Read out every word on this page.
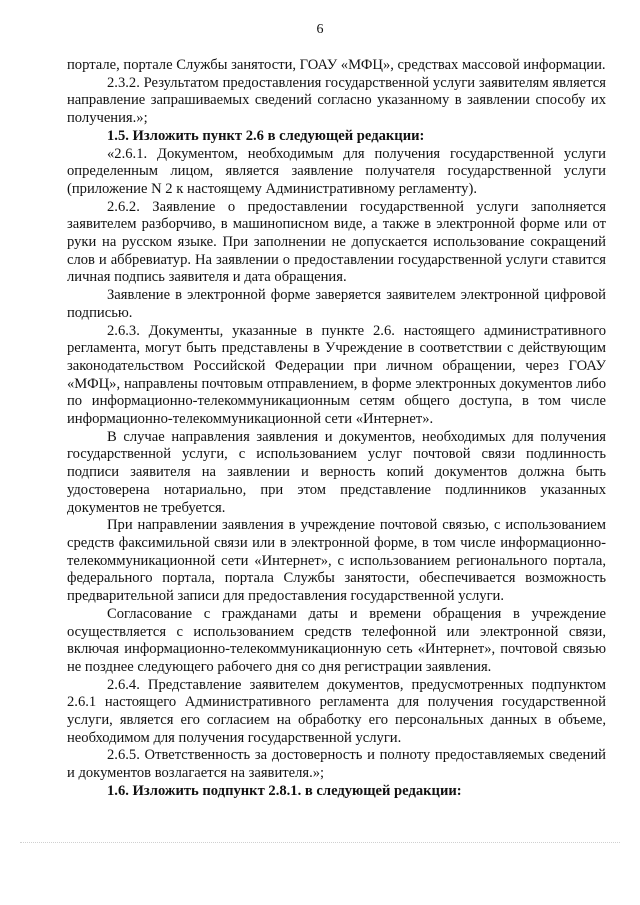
6

портале, портале Службы занятости, ГОАУ «МФЦ», средствах массовой информации.

2.3.2. Результатом предоставления государственной услуги заявителям является направление запрашиваемых сведений согласно указанному в заявлении способу их получения.»;

1.5. Изложить пункт 2.6 в следующей редакции:

«2.6.1. Документом, необходимым для получения государственной услуги определенным лицом, является заявление получателя государственной услуги (приложение N 2 к настоящему Административному регламенту).

2.6.2. Заявление о предоставлении государственной услуги заполняется заявителем разборчиво, в машинописном виде, а также в электронной форме или от руки на русском языке. При заполнении не допускается использование сокращений слов и аббревиатур. На заявлении о предоставлении государственной услуги ставится личная подпись заявителя и дата обращения.

Заявление в электронной форме заверяется заявителем электронной цифровой подписью.

2.6.3. Документы, указанные в пункте 2.6. настоящего административного регламента, могут быть представлены в Учреждение в соответствии с действующим законодательством Российской Федерации при личном обращении, через ГОАУ «МФЦ», направлены почтовым отправлением, в форме электронных документов либо по информационно-телекоммуникационным сетям общего доступа, в том числе информационно-телекоммуникационной сети «Интернет».

В случае направления заявления и документов, необходимых для получения государственной услуги, с использованием услуг почтовой связи подлинность подписи заявителя на заявлении и верность копий документов должна быть удостоверена нотариально, при этом представление подлинников указанных документов не требуется.

При направлении заявления в учреждение почтовой связью, с использованием средств факсимильной связи или в электронной форме, в том числе информационно-телекоммуникационной сети «Интернет», с использованием регионального портала, федерального портала, портала Службы занятости, обеспечивается возможность предварительной записи для предоставления государственной услуги.

Согласование с гражданами даты и времени обращения в учреждение осуществляется с использованием средств телефонной или электронной связи, включая информационно-телекоммуникационную сеть «Интернет», почтовой связью не позднее следующего рабочего дня со дня регистрации заявления.

2.6.4. Представление заявителем документов, предусмотренных подпунктом 2.6.1 настоящего Административного регламента для получения государственной услуги, является его согласием на обработку его персональных данных в объеме, необходимом для получения государственной услуги.

2.6.5. Ответственность за достоверность и полноту предоставляемых сведений и документов возлагается на заявителя.»;

1.6. Изложить подпункт 2.8.1. в следующей редакции:
